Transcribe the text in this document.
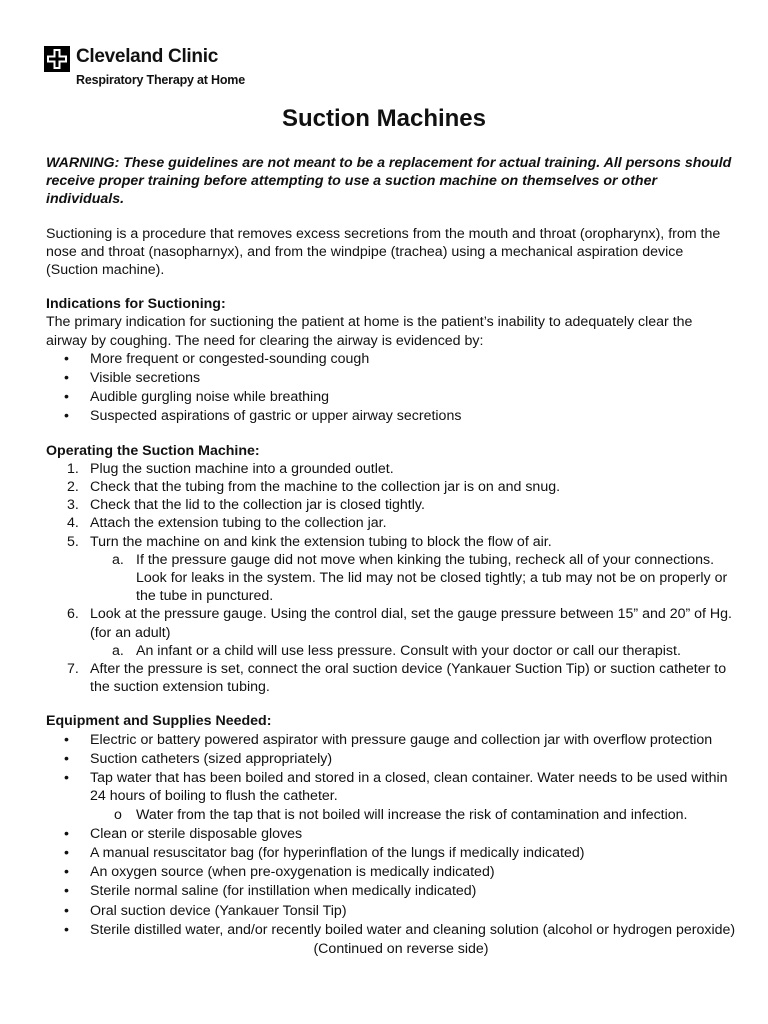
Cleveland Clinic
Respiratory Therapy at Home
Suction Machines

WARNING: These guidelines are not meant to be a replacement for actual training. All persons should receive proper training before attempting to use a suction machine on themselves or other individuals.

Suctioning is a procedure that removes excess secretions from the mouth and throat (oropharynx), from the nose and throat (nasopharnyx), and from the windpipe (trachea) using a mechanical aspiration device (Suction machine).

Indications for Suctioning:

The primary indication for suctioning the patient at home is the patient’s inability to adequately clear the airway by coughing. The need for clearing the airway is evidenced by:

• More frequent or congested-sounding cough
• Visible secretions
• Audible gurgling noise while breathing
• Suspected aspirations of gastric or upper airway secretions

Operating the Suction Machine:

1. Plug the suction machine into a grounded outlet.
2. Check that the tubing from the machine to the collection jar is on and snug.
3. Check that the lid to the collection jar is closed tightly.
4. Attach the extension tubing to the collection jar.
5. Turn the machine on and kink the extension tubing to block the flow of air.
a. If the pressure gauge did not move when kinking the tubing, recheck all of your connections. Look for leaks in the system. The lid may not be closed tightly; a tub may not be on properly or the tube in punctured.
6. Look at the pressure gauge. Using the control dial, set the gauge pressure between 15” and 20” of Hg. (for an adult)
a. An infant or a child will use less pressure. Consult with your doctor or call our therapist.
7. After the pressure is set, connect the oral suction device (Yankauer Suction Tip) or suction catheter to the suction extension tubing.

Equipment and Supplies Needed:

• Electric or battery powered aspirator with pressure gauge and collection jar with overflow protection
• Suction catheters (sized appropriately)
• Tap water that has been boiled and stored in a closed, clean container. Water needs to be used within 24 hours of boiling to flush the catheter.
o Water from the tap that is not boiled will increase the risk of contamination and infection.
• Clean or sterile disposable gloves
• A manual resuscitator bag (for hyperinflation of the lungs if medically indicated)
• An oxygen source (when pre-oxygenation is medically indicated)
• Sterile normal saline (for instillation when medically indicated)
• Oral suction device (Yankauer Tonsil Tip)
• Sterile distilled water, and/or recently boiled water and cleaning solution (alcohol or hydrogen peroxide)

(Continued on reverse side)
